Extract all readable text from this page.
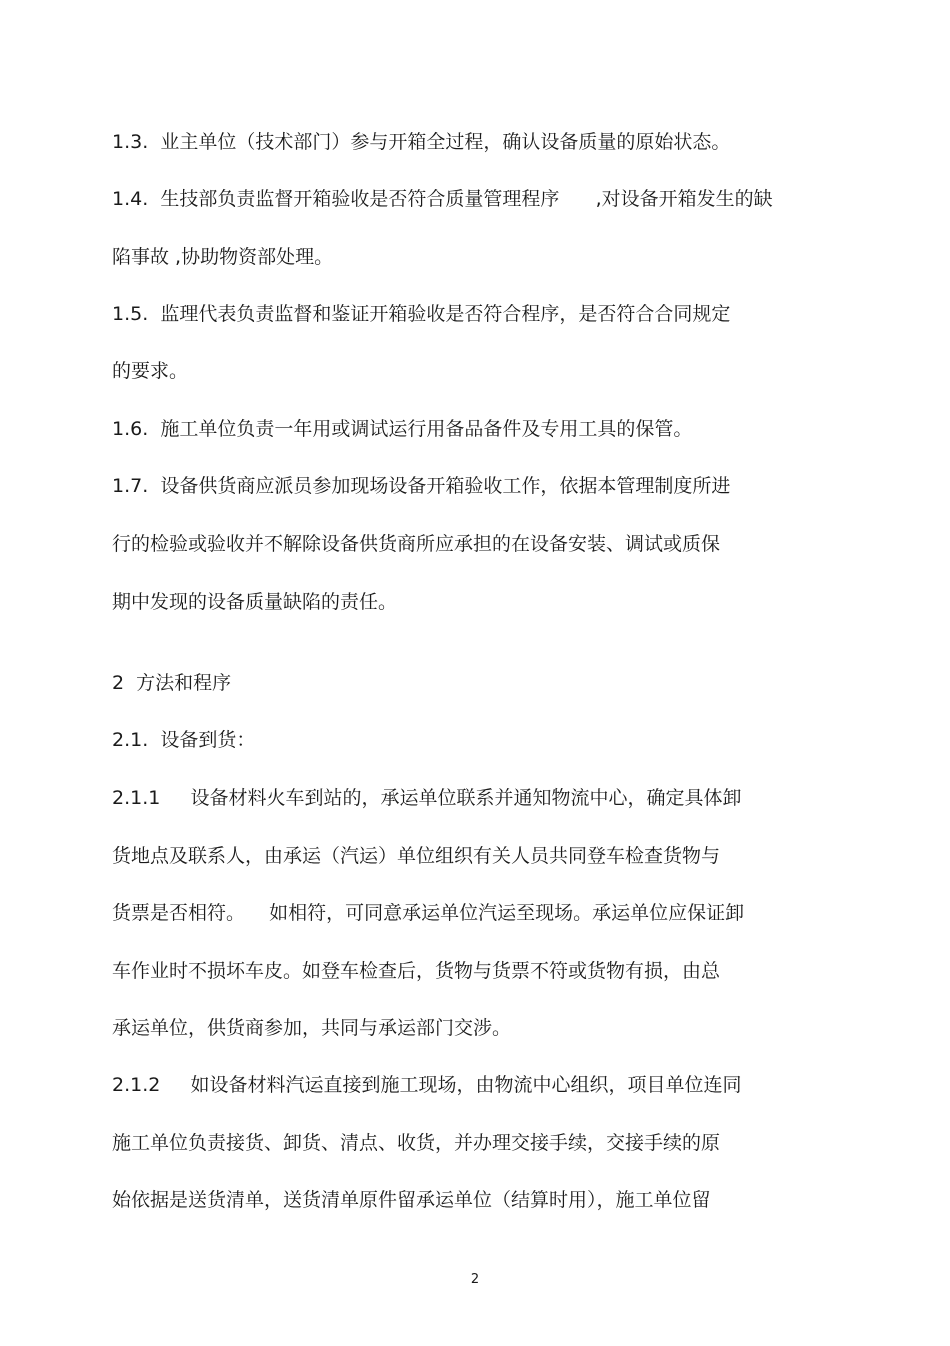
1.3.  业主单位（技术部门）参与开箱全过程，确认设备质量的原始状态。

1.4.  生技部负责监督开箱验收是否符合质量管理程序      ,对设备开箱发生的缺

陷事故 ,协助物资部处理。

1.5.  监理代表负责监督和鉴证开箱验收是否符合程序，是否符合合同规定

的要求。

1.6.  施工单位负责一年用或调试运行用备品备件及专用工具的保管。

1.7.  设备供货商应派员参加现场设备开箱验收工作，依据本管理制度所进

行的检验或验收并不解除设备供货商所应承担的在设备安装、调试或质保

期中发现的设备质量缺陷的责任。

2  方法和程序

2.1.  设备到货：

2.1.1     设备材料火车到站的，承运单位联系并通知物流中心，确定具体卸

货地点及联系人，由承运（汽运）单位组织有关人员共同登车检查货物与

货票是否相符。    如相符，可同意承运单位汽运至现场。承运单位应保证卸

车作业时不损坏车皮。如登车检查后，货物与货票不符或货物有损，由总

承运单位，供货商参加，共同与承运部门交涉。

2.1.2     如设备材料汽运直接到施工现场，由物流中心组织，项目单位连同

施工单位负责接货、卸货、清点、收货，并办理交接手续，交接手续的原

始依据是送货清单，送货清单原件留承运单位（结算时用），施工单位留

2
